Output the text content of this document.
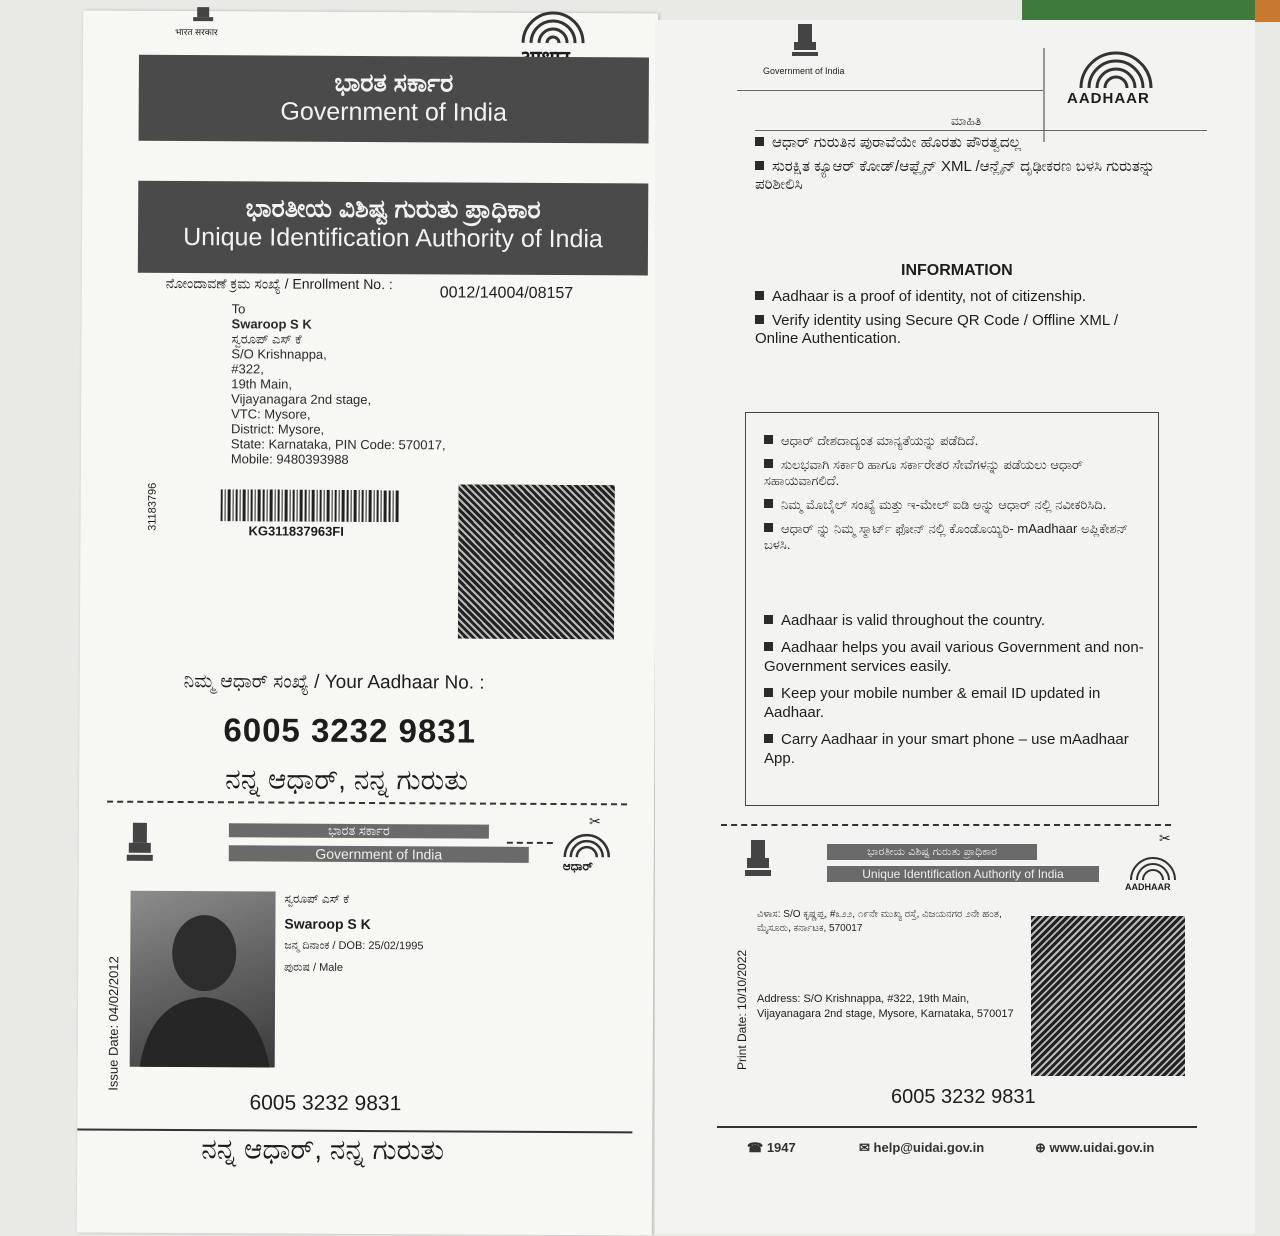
भारत सरकार
ಭಾರತ ಸರ್ಕಾರ
Government of India
ಭಾರತೀಯ ವಿಶಿಷ್ಟ ಗುರುತು ಪ್ರಾಧಿಕಾರ
Unique Identification Authority of India
ನೋಂದಾವಣೆ ಕ್ರಮ ಸಂಖ್ಯೆ / Enrollment No. :
0012/14004/08157
To
Swaroop S K
ಸ್ವರೂಪ್ ಎಸ್ ಕೆ
S/O Krishnappa,
#322,
19th Main,
Vijayanagara 2nd stage,
VTC: Mysore,
District: Mysore,
State: Karnataka, PIN Code: 570017,
Mobile: 9480393988
31183796
KG311837963FI
ನಿಮ್ಮ ಆಧಾರ್ ಸಂಖ್ಯೆ / Your Aadhaar No. :
6005 3232 9831
ನನ್ನ ಆಧಾರ್, ನನ್ನ ಗುರುತು
ಭಾರತ ಸರ್ಕಾರ
Government of India
ಆಧಾರ್
✂
Issue Date: 04/02/2012
ಸ್ವರೂಪ್ ಎಸ್ ಕೆ
Swaroop S K
ಜನ್ಮ ದಿನಾಂಕ / DOB: 25/02/1995
ಪುರುಷ / Male
6005 3232 9831
ನನ್ನ ಆಧಾರ್, ನನ್ನ ಗುರುತು
Government of India
AADHAAR
ಮಾಹಿತಿ
ಆಧಾರ್ ಗುರುತಿನ ಪುರಾವೆಯೇ ಹೊರತು ಪೌರತ್ವದಲ್ಲ
ಸುರಕ್ಷಿತ ಕ್ಯೂಆರ್ ಕೋಡ್/ಆಫ್ಲೈನ್ XML /ಆನ್ಲೈನ್ ದೃಢೀಕರಣ ಬಳಸಿ ಗುರುತನ್ನು ಪರಿಶೀಲಿಸಿ
INFORMATION
Aadhaar is a proof of identity, not of citizenship.
Verify identity using Secure QR Code / Offline XML / Online Authentication.
ಆಧಾರ್ ದೇಶದಾದ್ಯಂತ ಮಾನ್ಯತೆಯನ್ನು ಪಡೆದಿದೆ.
ಸುಲಭವಾಗಿ ಸರ್ಕಾರಿ ಹಾಗೂ ಸರ್ಕಾರೇತರ ಸೇವೆಗಳನ್ನು ಪಡೆಯಲು ಆಧಾರ್ ಸಹಾಯವಾಗಲಿದೆ.
ನಿಮ್ಮ ಮೊಬೈಲ್ ಸಂಖ್ಯೆ ಮತ್ತು ಇ-ಮೇಲ್ ಐಡಿ ಅನ್ನು ಆಧಾರ್ ನಲ್ಲಿ ನವೀಕರಿಸಿದಿ.
ಆಧಾರ್ ನ್ನು ನಿಮ್ಮ ಸ್ಮಾರ್ಟ್ ಫೋನ್ ನಲ್ಲಿ ಕೊಂಡೊಯ್ಯಿರಿ- mAadhaar ಅಪ್ಲಿಕೇಶನ್ ಬಳಸಿ.
Aadhaar is valid throughout the country.
Aadhaar helps you avail various Government and non-Government services easily.
Keep your mobile number & email ID updated in Aadhaar.
Carry Aadhaar in your smart phone – use mAadhaar App.
✂
ಭಾರತೀಯ ವಿಶಿಷ್ಟ ಗುರುತು ಪ್ರಾಧಿಕಾರ
Unique Identification Authority of India
AADHAAR
Print Date: 10/10/2022
ವಿಳಾಸ: S/O ಕೃಷ್ಣಪ್ಪ, #೩೨೨, ೧೯ನೇ ಮುಖ್ಯ ರಸ್ತೆ, ವಿಜಯನಗರ ೨ನೇ ಹಂತ, ಮೈಸೂರು, ಕರ್ನಾಟಕ, 570017
Address: S/O Krishnappa, #322, 19th Main, Vijayanagara 2nd stage, Mysore, Karnataka, 570017
6005 3232 9831
☎ 1947	✉ help@uidai.gov.in	⊕ www.uidai.gov.in
